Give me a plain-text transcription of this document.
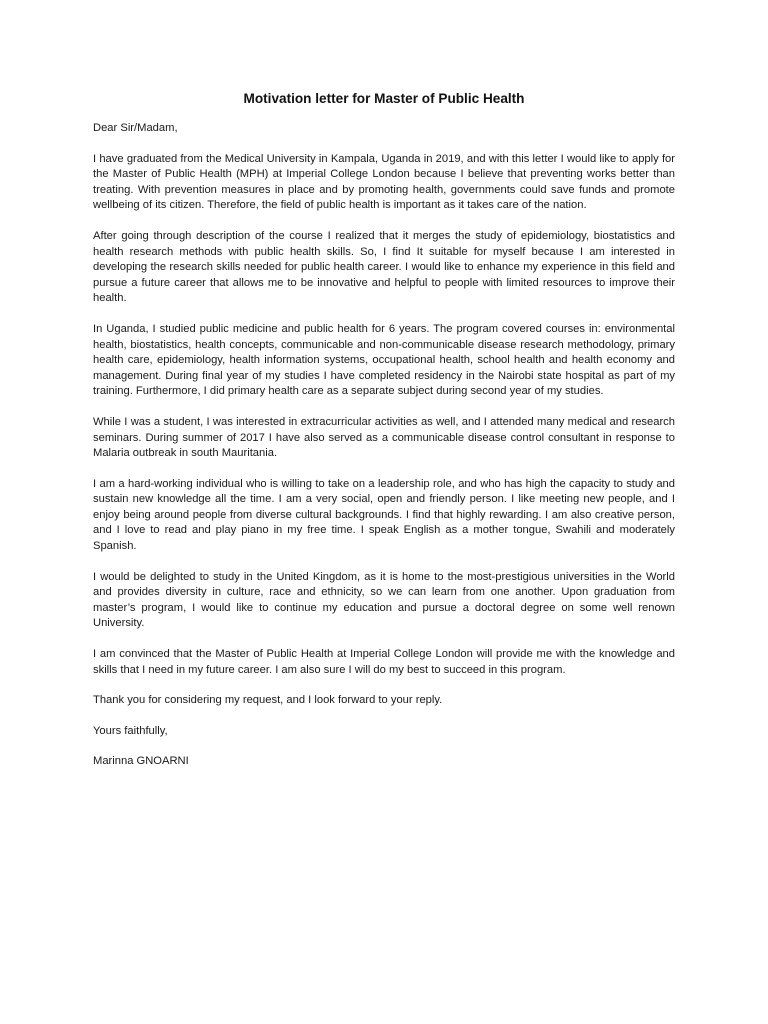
Motivation letter for Master of Public Health
Dear Sir/Madam,
I have graduated from the Medical University in Kampala, Uganda in 2019, and with this letter I would like to apply for the Master of Public Health (MPH) at Imperial College London because I believe that preventing works better than treating. With prevention measures in place and by promoting health, governments could save funds and promote wellbeing of its citizen. Therefore, the field of public health is important as it takes care of the nation.
After going through description of the course I realized that it merges the study of epidemiology, biostatistics and health research methods with public health skills. So, I find It suitable for myself because I am interested in developing the research skills needed for public health career. I would like to enhance my experience in this field and pursue a future career that allows me to be innovative and helpful to people with limited resources to improve their health.
In Uganda, I studied public medicine and public health for 6 years. The program covered courses in: environmental health, biostatistics, health concepts, communicable and non-communicable disease research methodology, primary health care, epidemiology, health information systems, occupational health, school health and health economy and management. During final year of my studies I have completed residency in the Nairobi state hospital as part of my training. Furthermore, I did primary health care as a separate subject during second year of my studies.
While I was a student, I was interested in extracurricular activities as well, and I attended many medical and research seminars. During summer of 2017 I have also served as a communicable disease control consultant in response to Malaria outbreak in south Mauritania.
I am a hard-working individual who is willing to take on a leadership role, and who has high the capacity to study and sustain new knowledge all the time. I am a very social, open and friendly person. I like meeting new people, and I enjoy being around people from diverse cultural backgrounds. I find that highly rewarding. I am also creative person, and I love to read and play piano in my free time. I speak English as a mother tongue, Swahili and moderately Spanish.
I would be delighted to study in the United Kingdom, as it is home to the most-prestigious universities in the World and provides diversity in culture, race and ethnicity, so we can learn from one another. Upon graduation from master’s program, I would like to continue my education and pursue a doctoral degree on some well renown University.
I am convinced that the Master of Public Health at Imperial College London will provide me with the knowledge and skills that I need in my future career. I am also sure I will do my best to succeed in this program.
Thank you for considering my request, and I look forward to your reply.
Yours faithfully,
Marinna GNOARNI
